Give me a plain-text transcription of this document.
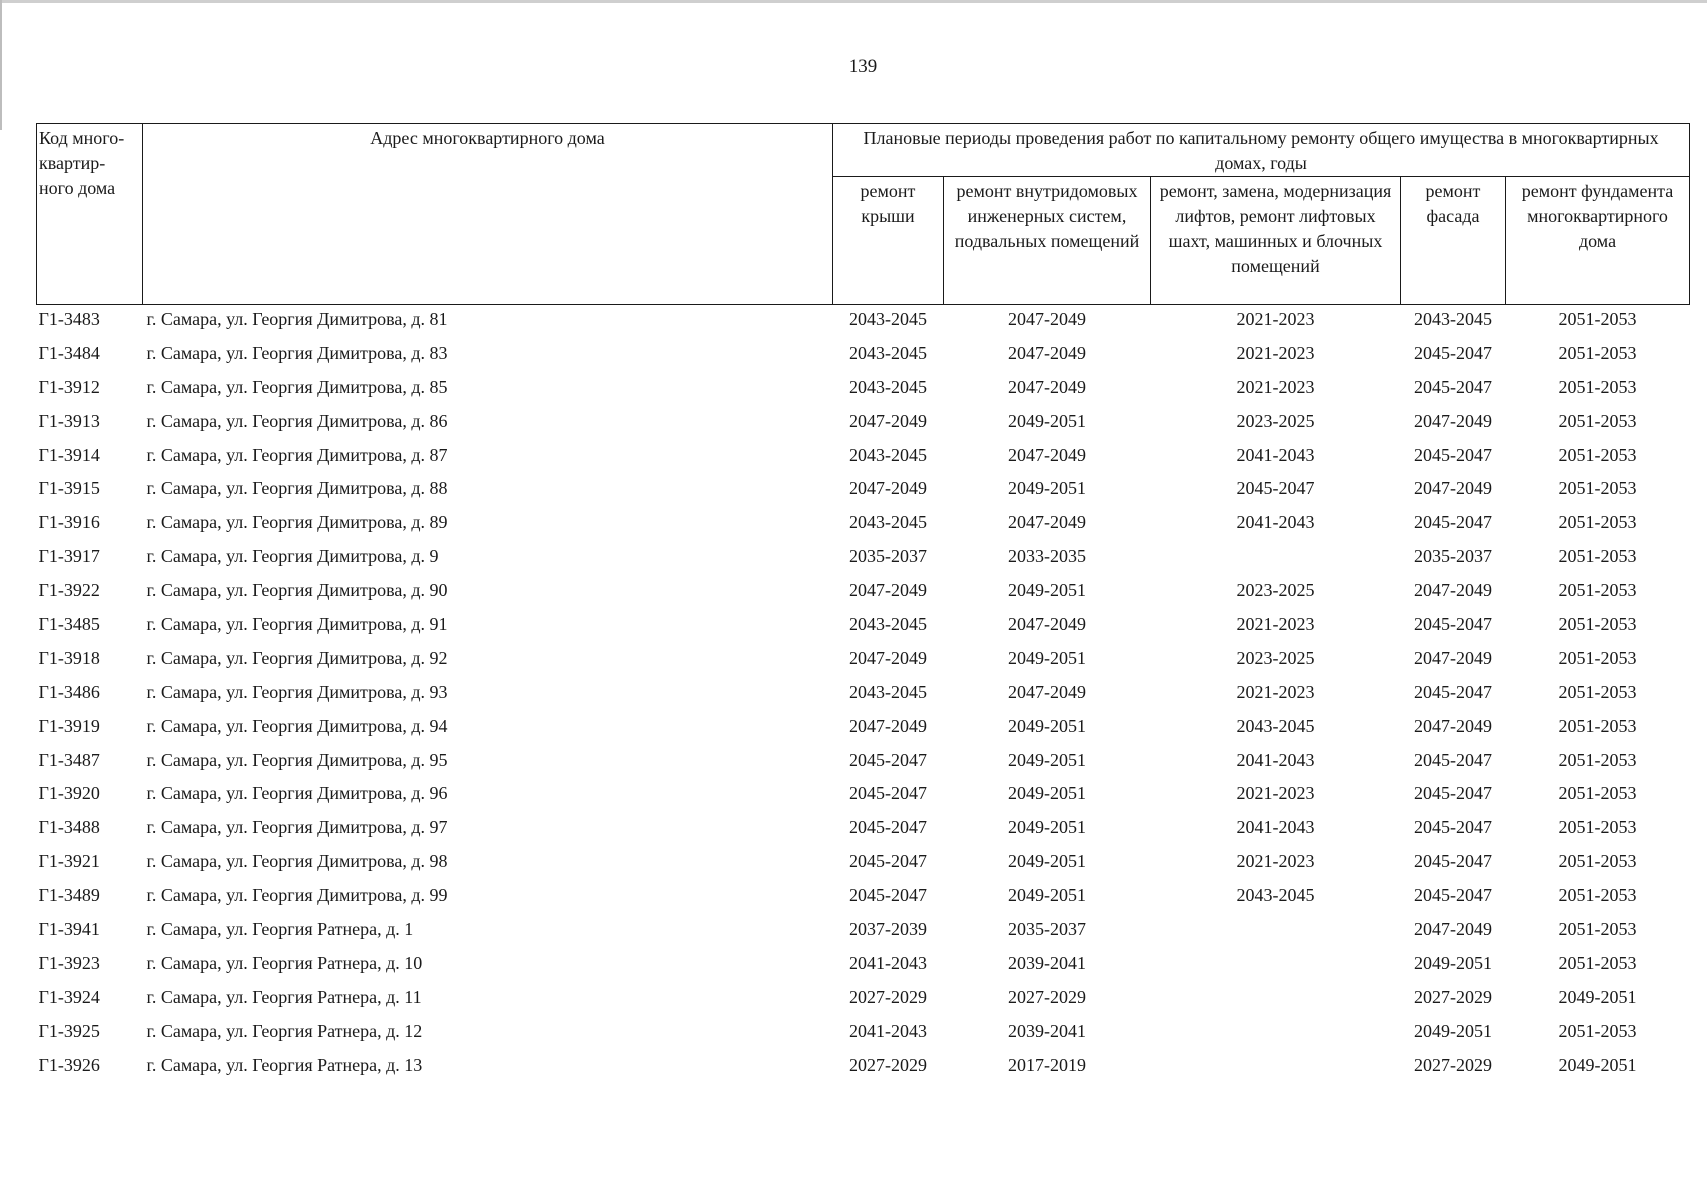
139
Код много-квартир-ного дома	Адрес многоквартирного дома	Плановые периоды проведения работ по капитальному ремонту общего имущества в многоквартирных домах, годы				
		ремонт крыши	ремонт внутридомовых инженерных систем, подвальных помещений	ремонт, замена, модернизация лифтов, ремонт лифтовых шахт, машинных и блочных помещений	ремонт фасада	ремонт фундамента многоквартирного дома
Г1-3483	г. Самара, ул. Георгия Димитрова, д. 81	2043-2045	2047-2049	2021-2023	2043-2045	2051-2053
Г1-3484	г. Самара, ул. Георгия Димитрова, д. 83	2043-2045	2047-2049	2021-2023	2045-2047	2051-2053
Г1-3912	г. Самара, ул. Георгия Димитрова, д. 85	2043-2045	2047-2049	2021-2023	2045-2047	2051-2053
Г1-3913	г. Самара, ул. Георгия Димитрова, д. 86	2047-2049	2049-2051	2023-2025	2047-2049	2051-2053
Г1-3914	г. Самара, ул. Георгия Димитрова, д. 87	2043-2045	2047-2049	2041-2043	2045-2047	2051-2053
Г1-3915	г. Самара, ул. Георгия Димитрова, д. 88	2047-2049	2049-2051	2045-2047	2047-2049	2051-2053
Г1-3916	г. Самара, ул. Георгия Димитрова, д. 89	2043-2045	2047-2049	2041-2043	2045-2047	2051-2053
Г1-3917	г. Самара, ул. Георгия Димитрова, д. 9	2035-2037	2033-2035		2035-2037	2051-2053
Г1-3922	г. Самара, ул. Георгия Димитрова, д. 90	2047-2049	2049-2051	2023-2025	2047-2049	2051-2053
Г1-3485	г. Самара, ул. Георгия Димитрова, д. 91	2043-2045	2047-2049	2021-2023	2045-2047	2051-2053
Г1-3918	г. Самара, ул. Георгия Димитрова, д. 92	2047-2049	2049-2051	2023-2025	2047-2049	2051-2053
Г1-3486	г. Самара, ул. Георгия Димитрова, д. 93	2043-2045	2047-2049	2021-2023	2045-2047	2051-2053
Г1-3919	г. Самара, ул. Георгия Димитрова, д. 94	2047-2049	2049-2051	2043-2045	2047-2049	2051-2053
Г1-3487	г. Самара, ул. Георгия Димитрова, д. 95	2045-2047	2049-2051	2041-2043	2045-2047	2051-2053
Г1-3920	г. Самара, ул. Георгия Димитрова, д. 96	2045-2047	2049-2051	2021-2023	2045-2047	2051-2053
Г1-3488	г. Самара, ул. Георгия Димитрова, д. 97	2045-2047	2049-2051	2041-2043	2045-2047	2051-2053
Г1-3921	г. Самара, ул. Георгия Димитрова, д. 98	2045-2047	2049-2051	2021-2023	2045-2047	2051-2053
Г1-3489	г. Самара, ул. Георгия Димитрова, д. 99	2045-2047	2049-2051	2043-2045	2045-2047	2051-2053
Г1-3941	г. Самара, ул. Георгия Ратнера, д. 1	2037-2039	2035-2037		2047-2049	2051-2053
Г1-3923	г. Самара, ул. Георгия Ратнера, д. 10	2041-2043	2039-2041		2049-2051	2051-2053
Г1-3924	г. Самара, ул. Георгия Ратнера, д. 11	2027-2029	2027-2029		2027-2029	2049-2051
Г1-3925	г. Самара, ул. Георгия Ратнера, д. 12	2041-2043	2039-2041		2049-2051	2051-2053
Г1-3926	г. Самара, ул. Георгия Ратнера, д. 13	2027-2029	2017-2019		2027-2029	2049-2051
